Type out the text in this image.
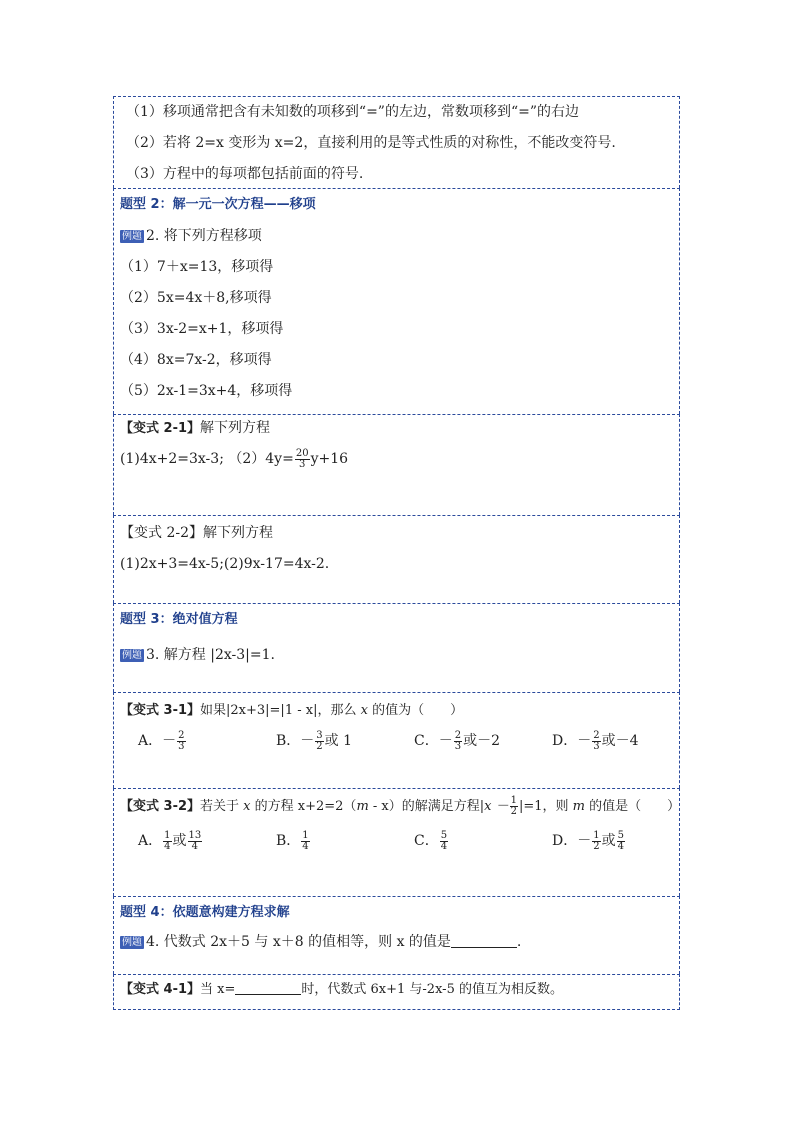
（1）移项通常把含有未知数的项移到“=”的左边，常数项移到“=”的右边
（2）若将 2=x 变形为 x=2，直接利用的是等式性质的对称性，不能改变符号.
（3）方程中的每项都包括前面的符号.
题型 2：解一元一次方程——移项
例题 2. 将下列方程移项
（1）7＋x=13，移项得
（2）5x=4x＋8,移项得
（3）3x-2=x+1，移项得
（4）8x=7x-2，移项得
（5）2x-1=3x+4，移项得
【变式 2-1】解下列方程
(1)4x+2=3x-3; $(2)4y= \frac{20}{3} y+16$
【变式 2-2】解下列方程
(1)2x+3=4x-5;(2)9x-17=4x-2.
题型 3：绝对值方程
例题 3. 解方程 |2x-3|=1.
【变式 3-1】如果|2x+3|=|1 - x|，那么 x 的值为（　　）
A．－ $\frac{2}{3}$	B．－ $\frac{3}{2}$ 或 1	C．－ $\frac{2}{3}$ 或－2	D．－ $\frac{2}{3}$ 或－4
【变式 3-2】若关于 x 的方程 x+2=2（m - x）的解满足方程$|x - \frac{1}{2} |=1$，则 m 的值是（　　）
A． $\frac{1}{4}$ 或 $\frac{13}{4}$	B． $\frac{1}{4}$	C． $\frac{5}{4}$	D．－ $\frac{1}{2}$ 或 $\frac{5}{4}$
题型 4：依题意构建方程求解
例题 4. 代数式 2x＋5 与 x＋8 的值相等，则 x 的值是	.
【变式 4-1】当 x=	时，代数式 6x+1 与-2x-5 的值互为相反数。
